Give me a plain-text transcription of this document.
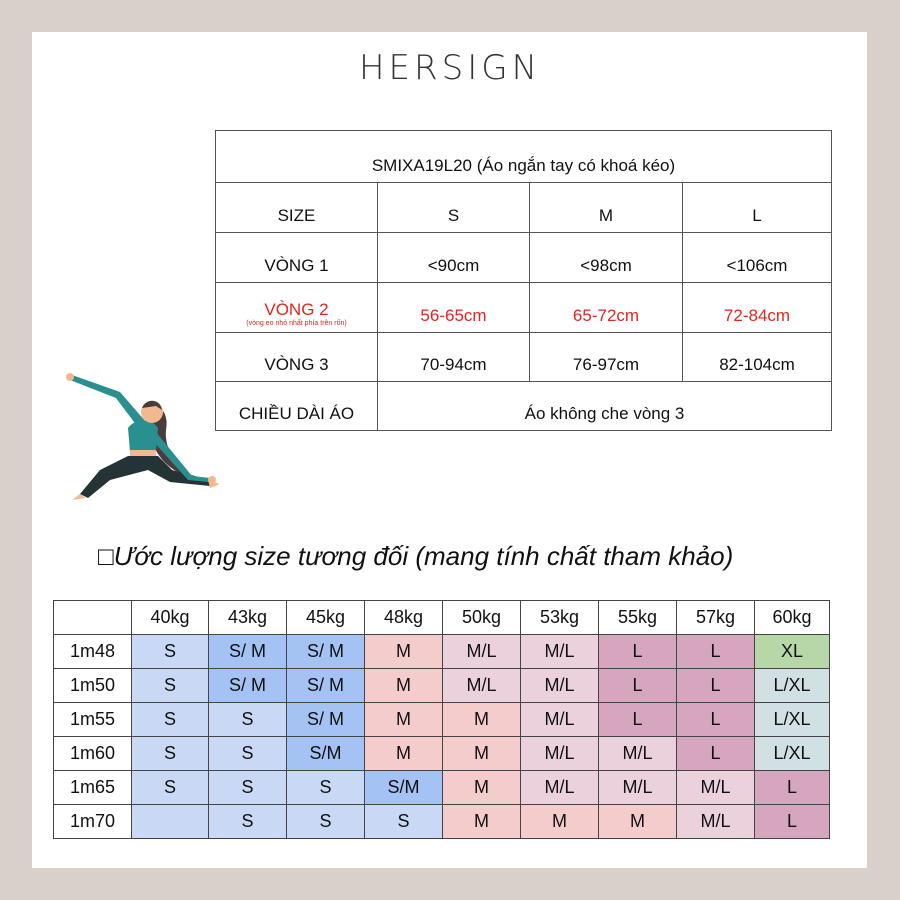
HERSIGN
SMIXA19L20 (Áo ngắn tay có khoá kéo)			
SIZE	S	M	L
VÒNG 1	<90cm	<98cm	<106cm
VÒNG 2
(vòng eo nhỏ nhất phía trên rốn)	56-65cm	65-72cm	72-84cm
VÒNG 3	70-94cm	76-97cm	82-104cm
CHIỀU DÀI ÁO	Áo không che vòng 3		
□Ước lượng size tương đối (mang tính chất tham khảo)
	40kg	43kg	45kg	48kg	50kg	53kg	55kg	57kg	60kg
1m48	S	S/ M	S/ M	M	M/L	M/L	L	L	XL
1m50	S	S/ M	S/ M	M	M/L	M/L	L	L	L/XL
1m55	S	S	S/ M	M	M	M/L	L	L	L/XL
1m60	S	S	S/M	M	M	M/L	M/L	L	L/XL
1m65	S	S	S	S/M	M	M/L	M/L	M/L	L
1m70		S	S	S	M	M	M	M/L	L
